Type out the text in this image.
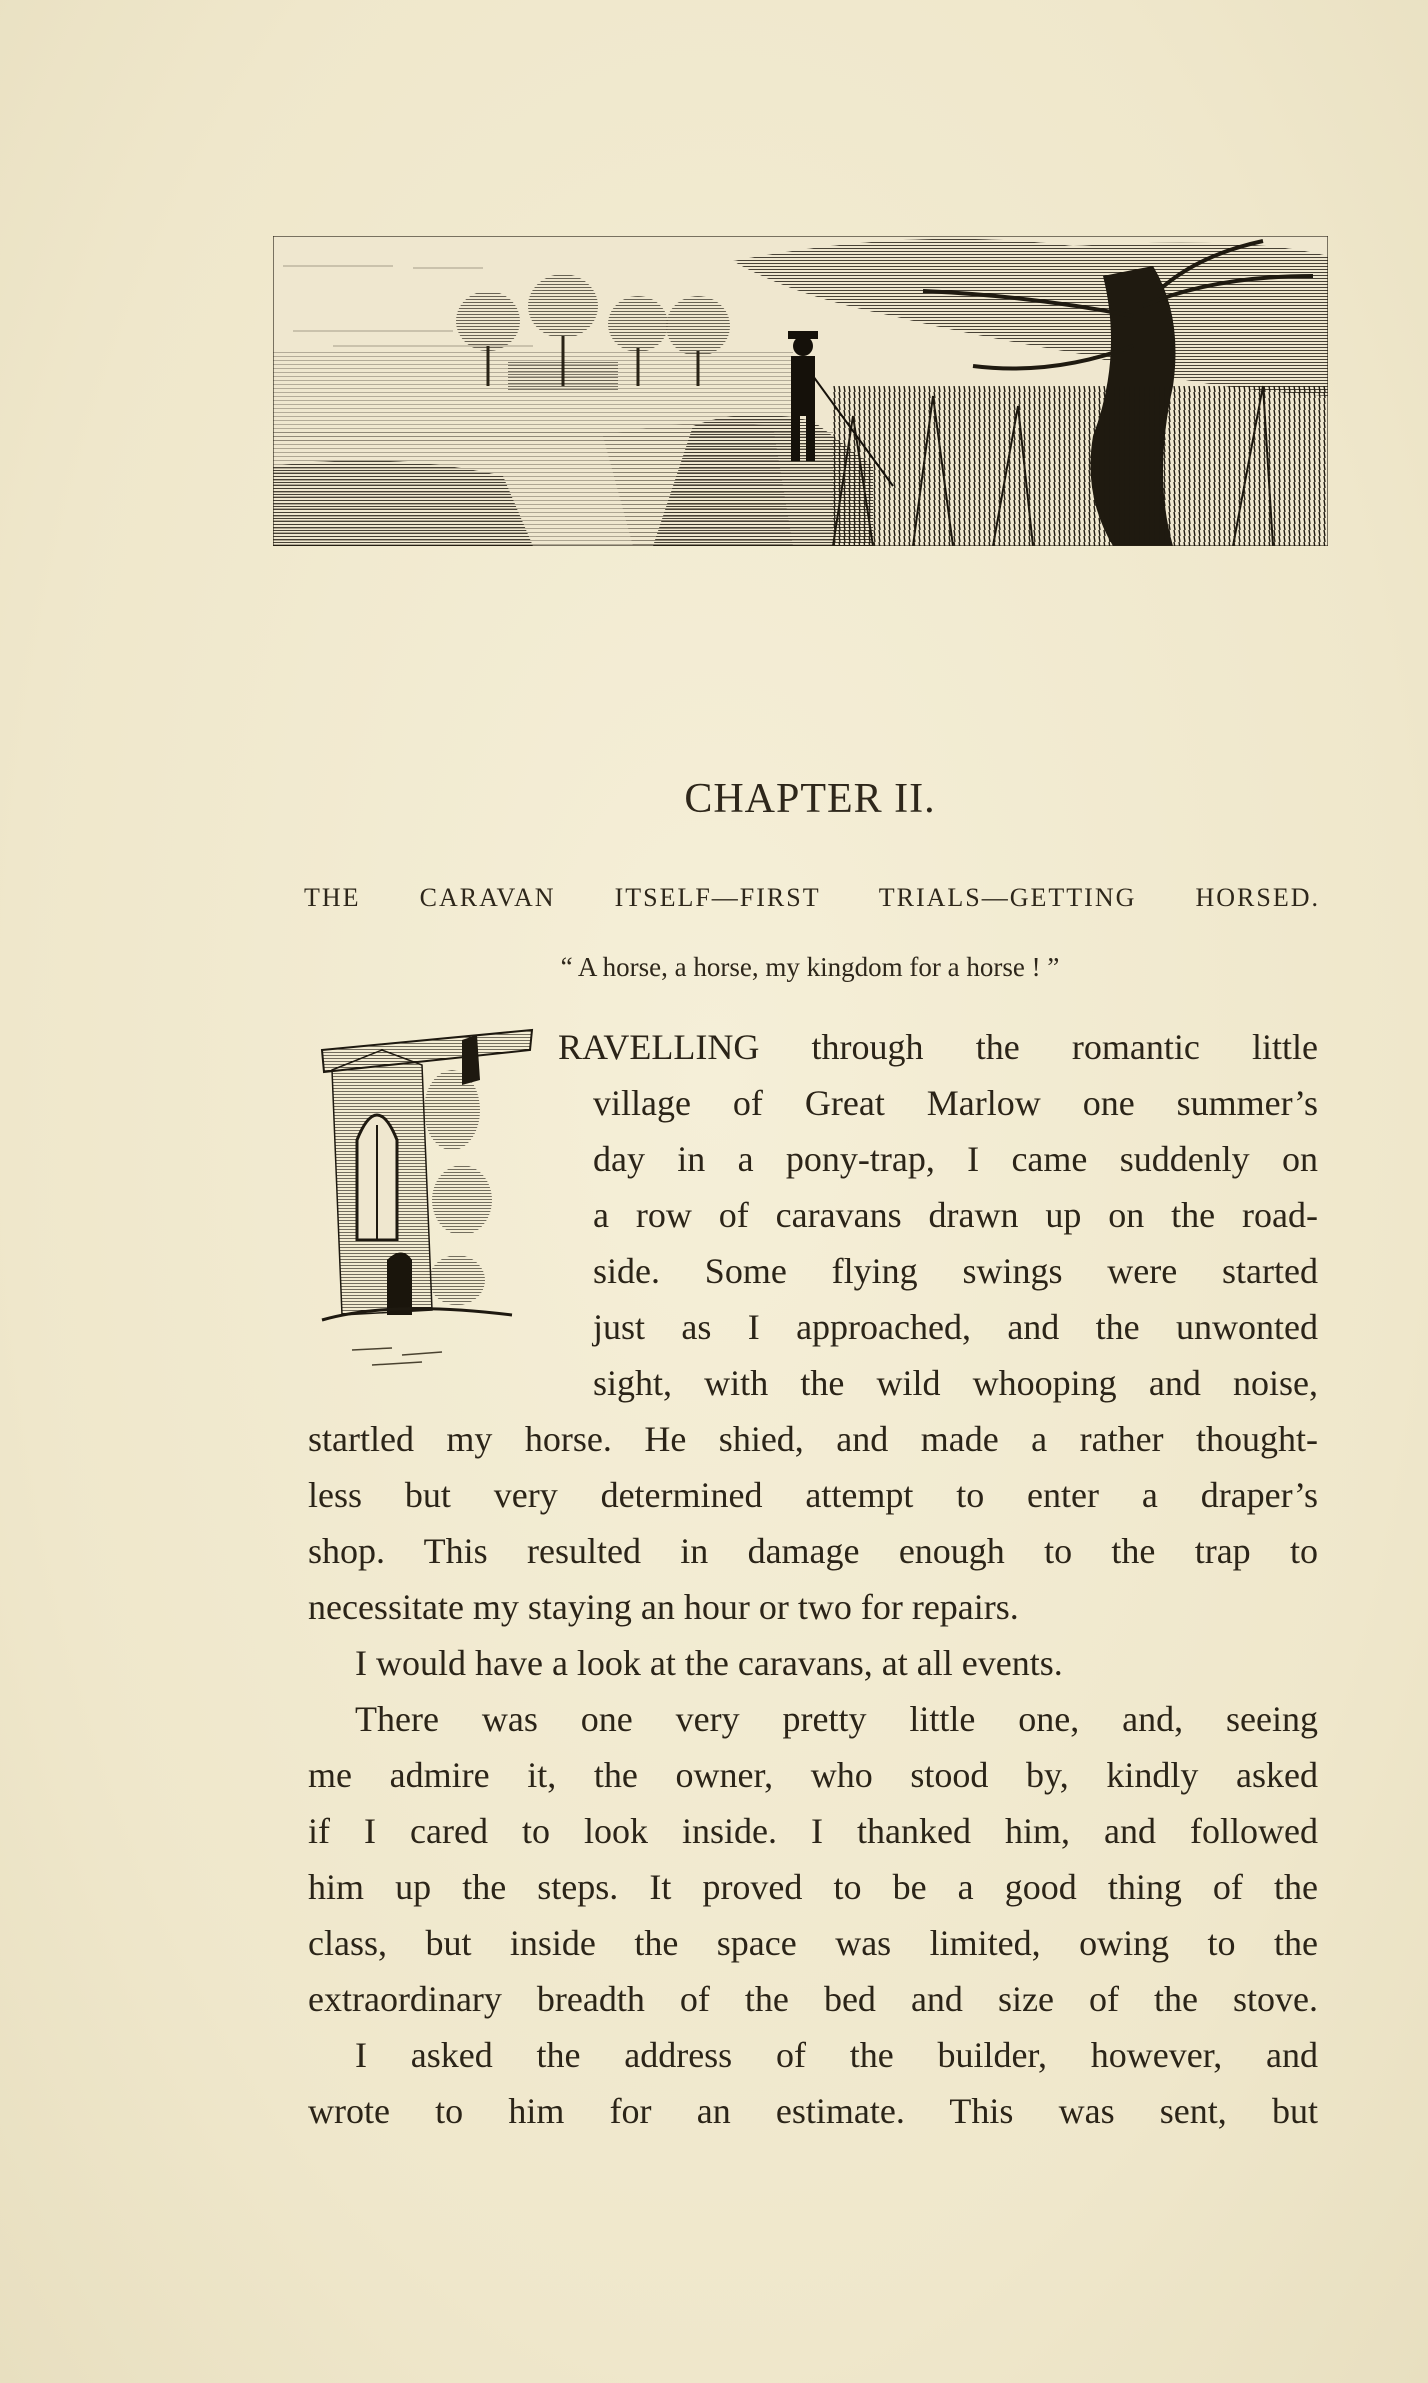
CHAPTER II.
THE CARAVAN ITSELF—FIRST TRIALS—GETTING HORSED.
“ A horse, a horse, my kingdom for a horse ! ”
RAVELLING through the romantic little
village of Great Marlow one summer’s
day in a pony-trap, I came suddenly on
a row of caravans drawn up on the road-
side. Some flying swings were started
just as I approached, and the unwonted
sight, with the wild whooping and noise,
startled my horse. He shied, and made a rather thought-
less but very determined attempt to enter a draper’s
shop. This resulted in damage enough to the trap to
necessitate my staying an hour or two for repairs.
I would have a look at the caravans, at all events.
There was one very pretty little one, and, seeing
me admire it, the owner, who stood by, kindly asked
if I cared to look inside. I thanked him, and followed
him up the steps. It proved to be a good thing of the
class, but inside the space was limited, owing to the
extraordinary breadth of the bed and size of the stove.
I asked the address of the builder, however, and
wrote to him for an estimate. This was sent, but
